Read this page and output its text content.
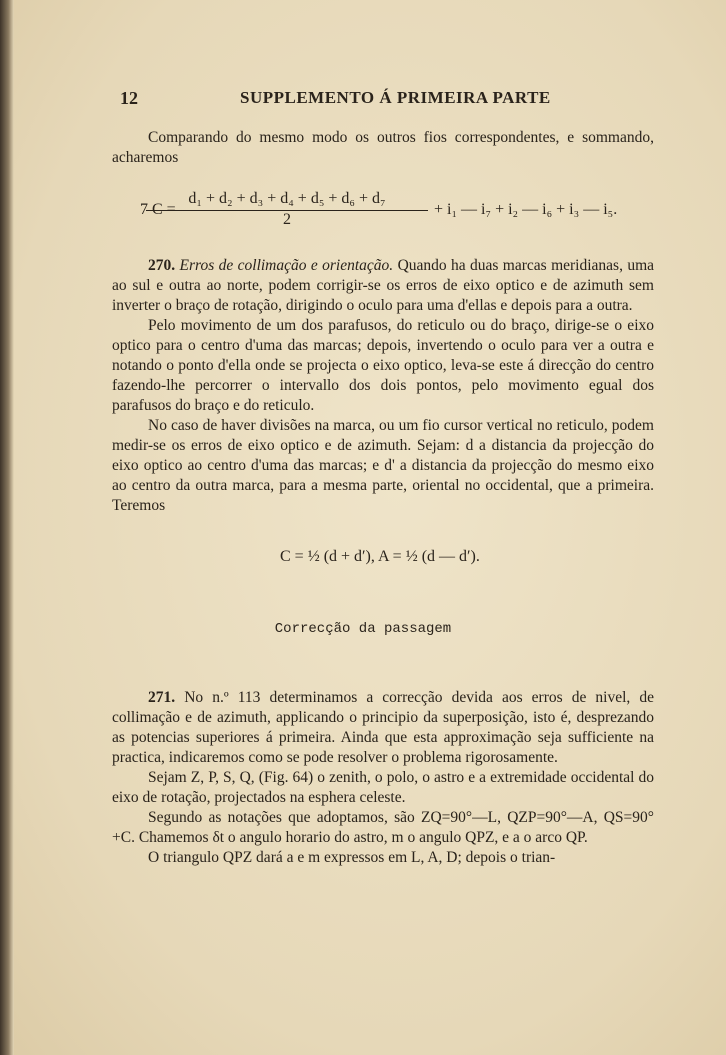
12	SUPPLEMENTO Á PRIMEIRA PARTE

Comparando do mesmo modo os outros fios correspondentes, e sommando, acharemos

7 C =
$\frac{\text{d₁ + d₂ + d₃ + d₄ + d₅ + d₆ + d₇}}{2} + i_1$ — i₇ + i₂ — i₆ + i₃ — i₅.

270. Erros de collimação e orientação. Quando ha duas marcas meridianas, uma ao sul e outra ao norte, podem corrigir-se os erros de eixo optico e de azimuth sem inverter o braço de rotação, dirigindo o oculo para uma d'ellas e depois para a outra.

Pelo movimento de um dos parafusos, do reticulo ou do braço, dirige-se o eixo optico para o centro d'uma das marcas; depois, invertendo o oculo para ver a outra e notando o ponto d'ella onde se projecta o eixo optico, leva-se este á direcção do centro fazendo-lhe percorrer o intervallo dos dois pontos, pelo movimento egual dos parafusos do braço e do reticulo.

No caso de haver divisões na marca, ou um fio cursor vertical no reticulo, podem medir-se os erros de eixo optico e de azimuth. Sejam: d a distancia da projecção do eixo optico ao centro d'uma das marcas; e d' a distancia da projecção do mesmo eixo ao centro da outra marca, para a mesma parte, oriental no occidental, que a primeira. Teremos

C = ½ (d + d′), A = ½ (d — d′).
Correcção da passagem

271. No n.º 113 determinamos a correcção devida aos erros de nivel, de collimação e de azimuth, applicando o principio da superposição, isto é, desprezando as potencias superiores á primeira. Ainda que esta approximação seja sufficiente na practica, indicaremos como se pode resolver o problema rigorosamente.

Sejam Z, P, S, Q, (Fig. 64) o zenith, o polo, o astro e a extremidade occidental do eixo de rotação, projectados na esphera celeste.

Segundo as notações que adoptamos, são ZQ=90°—L, QZP=90°—A, QS=90°+C. Chamemos δt o angulo horario do astro, m o angulo QPZ, e a o arco QP.

O triangulo QPZ dará a e m expressos em L, A, D; depois o trian-
